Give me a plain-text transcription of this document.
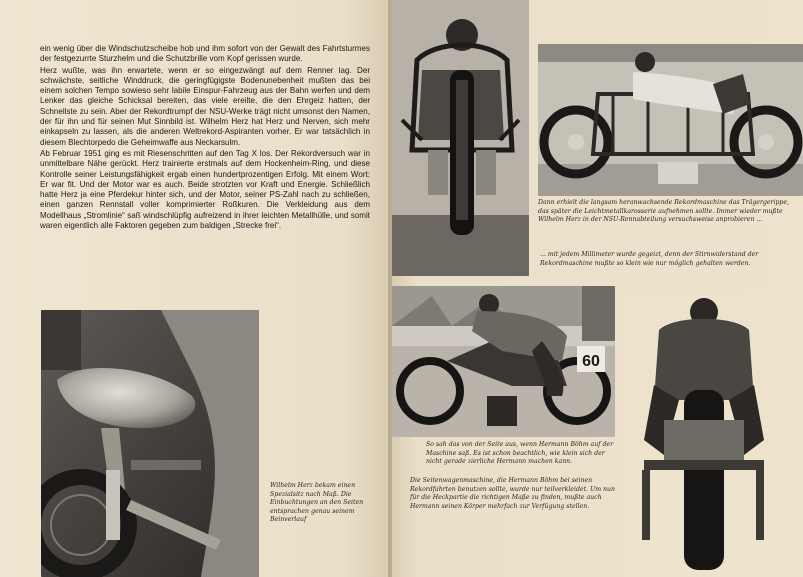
ein wenig über die Windschutzscheibe hob und ihm sofort von der Gewalt des Fahrtsturmes der festgezurrte Sturzhelm und die Schutzbrille vom Kopf gerissen wurde.

Herz wußte, was ihn erwartete, wenn er so eingezwängt auf dem Renner lag. Der schwächste, seitliche Winddruck, die geringfügigste Bodenunebenheit mußten das bei einem solchen Tempo sowieso sehr labile Einspur-Fahrzeug aus der Bahn werfen und dem Lenker das gleiche Schicksal bereiten, das viele ereilte, die den Ehrgeiz hatten, der Schnellste zu sein. Aber der Rekordtrumpf der NSU-Werke trägt nicht umsonst den Namen, der für ihn und für seinen Mut Sinnbild ist. Wilhelm Herz hat Herz und Nerven, sich mehr einkapseln zu lassen, als die anderen Weltrekord-Aspiranten vorher. Er war tatsächlich in diesem Blechtorpedo die Geheimwaffe aus Neckarsulm.

Ab Februar 1951 ging es mit Riesenschritten auf den Tag X los. Der Rekordversuch war in unmittelbare Nähe gerückt. Herz trainierte erstmals auf dem Hockenheim-Ring, und diese Kontrolle seiner Leistungsfähigkeit ergab einen hundertprozentigen Erfolg. Mit einem Wort: Er war fit. Und der Motor war es auch. Beide strotzten vor Kraft und Energie. Schließlich hatte Herz ja eine Pferdekur hinter sich, und der Motor, seiner PS-Zahl nach zu schließen, einen ganzen Rennstall voller komprimierter Roßkuren. Die Verkleidung aus dem Modellhaus „Stromlinie“ saß windschlüpfig aufreizend in ihrer leichten Metallhülle, und somit waren eigentlich alle Faktoren gegeben zum baldigen „Strecke frei“.

Wilhelm Herz bekam einen Spezialsitz nach Maß. Die Einbuchtungen an den Seiten entsprachen genau seinem Beinverlauf
Dann erhielt die langsam heranwachsende Rekordmaschine das Trägergerippe, das später die Leichtmetallkarosserie aufnehmen sollte. Immer wieder mußte Wilhelm Herz in der NSU-Rennabteilung versuchsweise anprobieren ...
... mit jedem Millimeter wurde gegeizt, denn der Stirnwiderstand der Rekordmaschine mußte so klein wie nur möglich gehalten werden.
60
So sah das von der Seite aus, wenn Hermann Böhm auf der Maschine saß. Es ist schon beachtlich, wie klein sich der nicht gerade zierliche Hermann machen kann.
Die Seitenwagenmaschine, die Hermann Böhm bei seinen Rekordfahrten benutzen sollte, wurde nur teilverkleidet. Um nun für die Heckpartie die richtigen Maße zu finden, mußte auch Hermann seinen Körper mehrfach zur Verfügung stellen.
